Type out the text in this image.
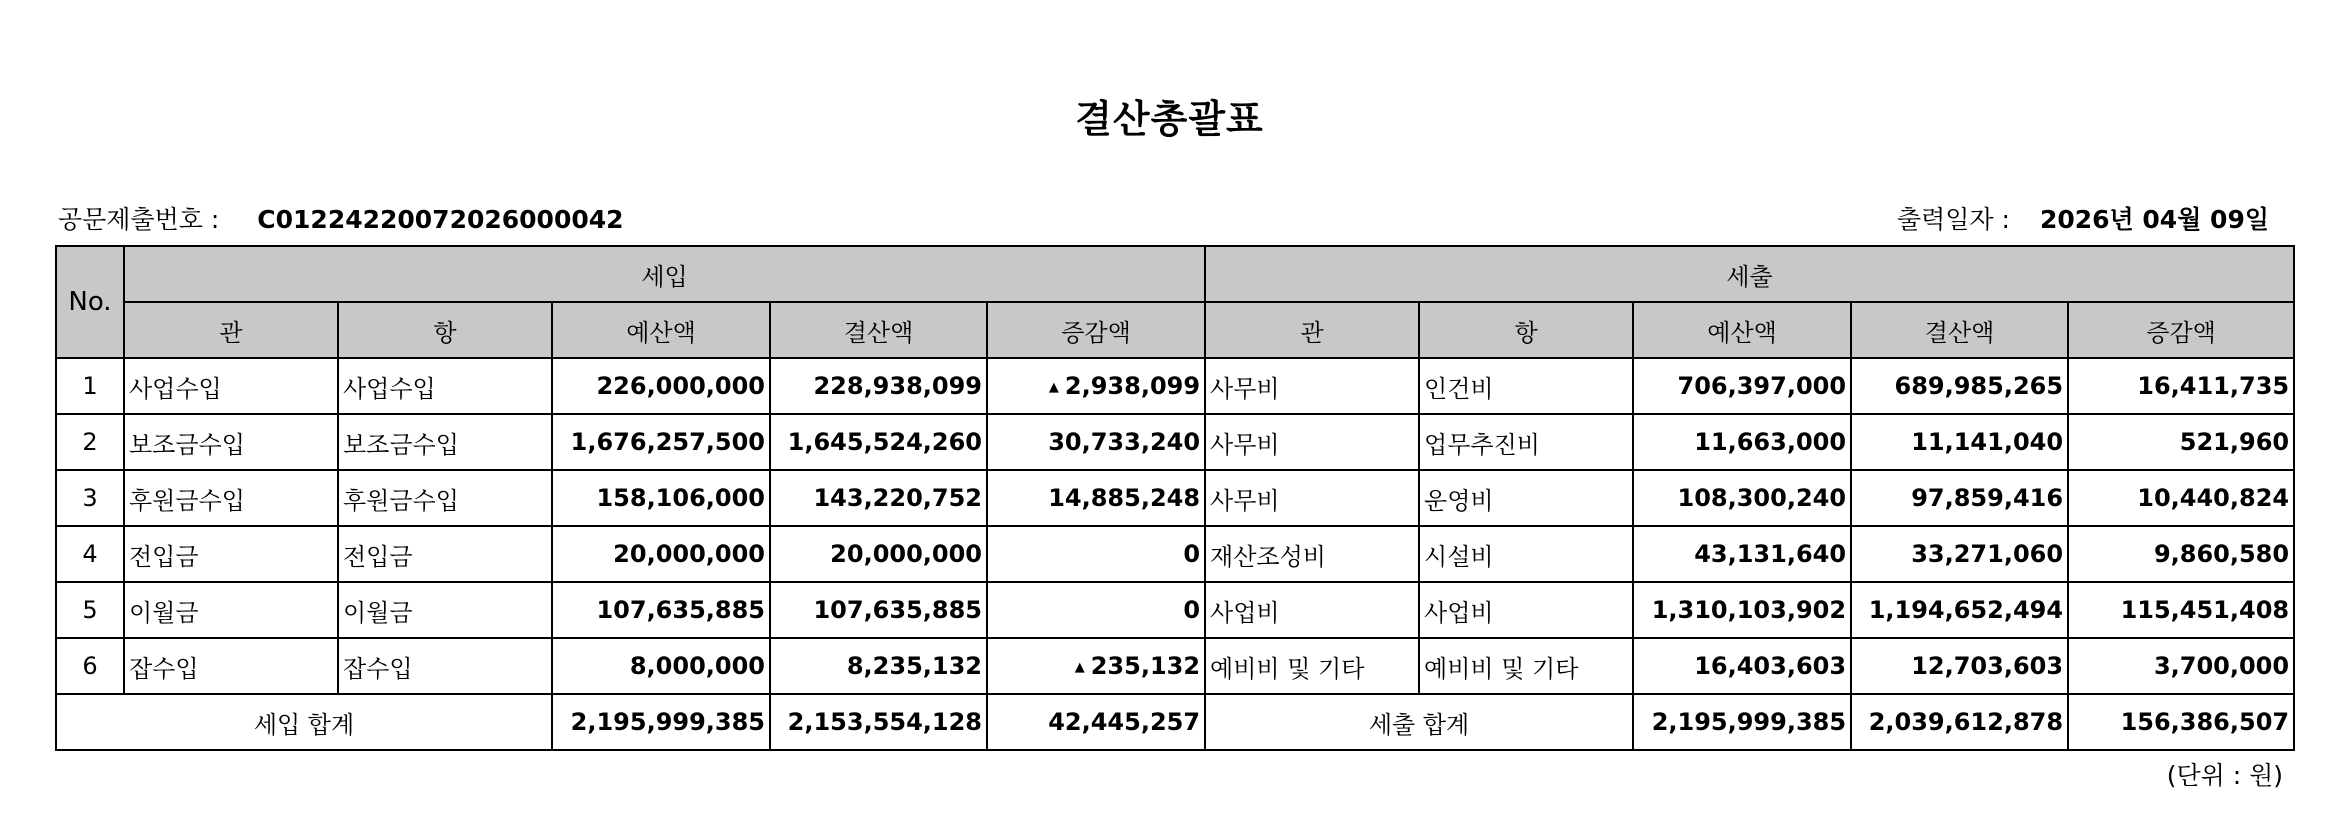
결산총괄표
공문제출번호 : C01224220072026000042	출력일자 : 2026년 04월 09일
No.	세입					세출				
	관	항	예산액	결산액	증감액	관	항	예산액	결산액	증감액
1	사업수입	사업수입	226,000,000	228,938,099	▲ 2,938,099	사무비	인건비	706,397,000	689,985,265	16,411,735
2	보조금수입	보조금수입	1,676,257,500	1,645,524,260	30,733,240	사무비	업무추진비	11,663,000	11,141,040	521,960
3	후원금수입	후원금수입	158,106,000	143,220,752	14,885,248	사무비	운영비	108,300,240	97,859,416	10,440,824
4	전입금	전입금	20,000,000	20,000,000	0	재산조성비	시설비	43,131,640	33,271,060	9,860,580
5	이월금	이월금	107,635,885	107,635,885	0	사업비	사업비	1,310,103,902	1,194,652,494	115,451,408
6	잡수입	잡수입	8,000,000	8,235,132	▲ 235,132	예비비 및 기타	예비비 및 기타	16,403,603	12,703,603	3,700,000
세입 합계			2,195,999,385	2,153,554,128	42,445,257	세출 합계		2,195,999,385	2,039,612,878	156,386,507
(단위 : 원)
